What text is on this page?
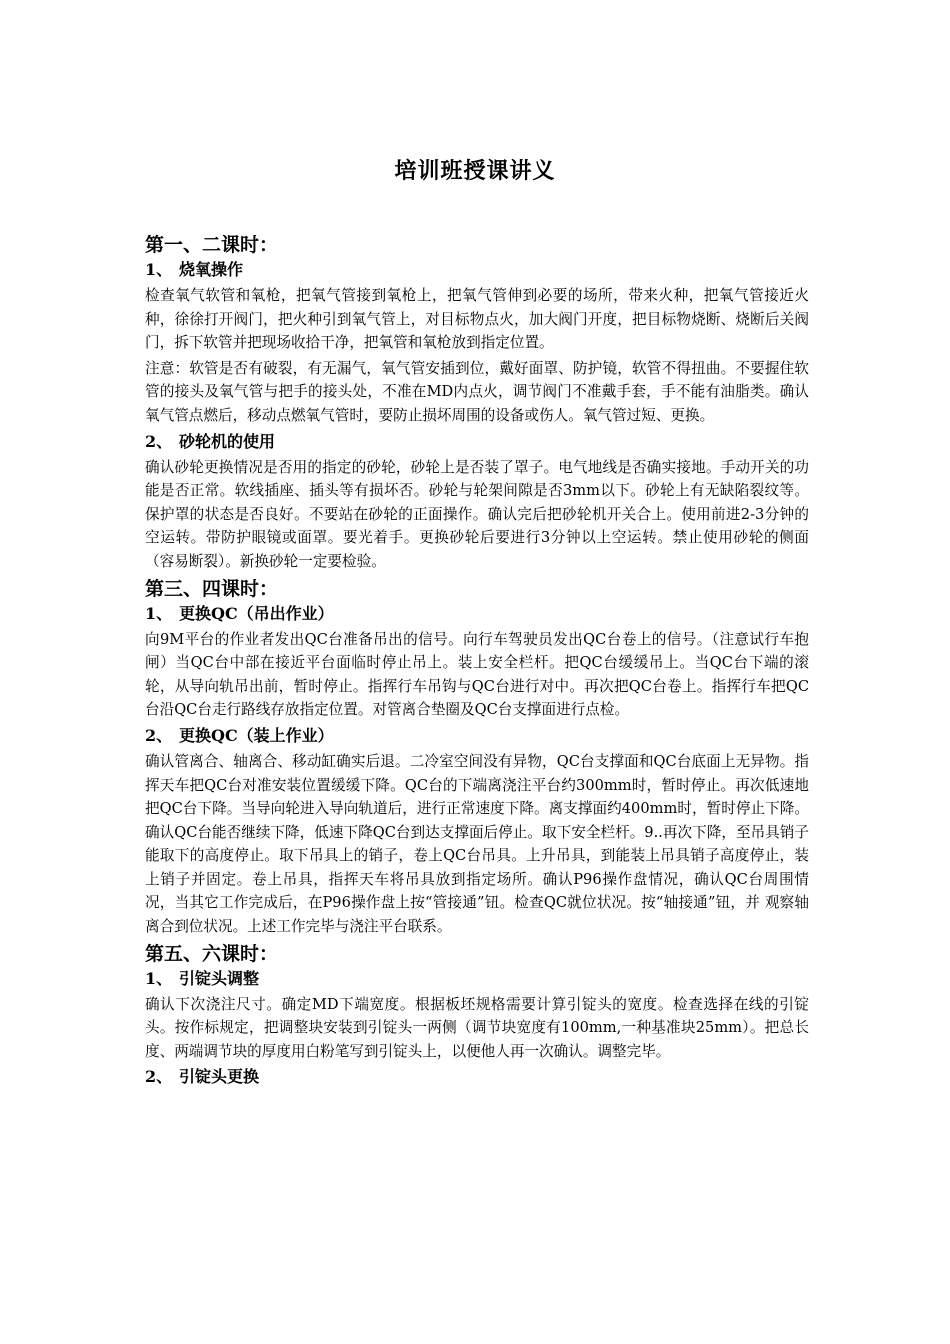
培训班授课讲义
第一、二课时：
1、 烧氧操作

检查氧气软管和氧枪，把氧气管接到氧枪上，把氧气管伸到必要的场所，带来火种，把氧气管接近火种，徐徐打开阀门，把火种引到氧气管上，对目标物点火，加大阀门开度，把目标物烧断、烧断后关阀门，拆下软管并把现场收拾干净，把氧管和氧枪放到指定位置。

注意：软管是否有破裂，有无漏气，氧气管安插到位，戴好面罩、防护镜，软管不得扭曲。不要握住软管的接头及氧气管与把手的接头处，不准在MD内点火，调节阀门不准戴手套，手不能有油脂类。确认氧气管点燃后，移动点燃氧气管时，要防止损坏周围的设备或伤人。氧气管过短、更换。

2、 砂轮机的使用

确认砂轮更换情况是否用的指定的砂轮，砂轮上是否装了罩子。电气地线是否确实接地。手动开关的功能是否正常。软线插座、插头等有损坏否。砂轮与轮架间隙是否3mm以下。砂轮上有无缺陷裂纹等。保护罩的状态是否良好。不要站在砂轮的正面操作。确认完后把砂轮机开关合上。使用前进2-3分钟的空运转。带防护眼镜或面罩。要光着手。更换砂轮后要进行3分钟以上空运转。禁止使用砂轮的侧面（容易断裂）。新换砂轮一定要检验。

第三、四课时：
1、 更换QC（吊出作业）

向9M平台的作业者发出QC台准备吊出的信号。向行车驾驶员发出QC台卷上的信号。（注意试行车抱闸）当QC台中部在接近平台面临时停止吊上。装上安全栏杆。把QC台缓缓吊上。当QC台下端的滚轮，从导向轨吊出前，暂时停止。指挥行车吊钩与QC台进行对中。再次把QC台卷上。指挥行车把QC台沿QC台走行路线存放指定位置。对管离合垫圈及QC台支撑面进行点检。

2、 更换QC（装上作业）

确认管离合、轴离合、移动缸确实后退。二冷室空间没有异物，QC台支撑面和QC台底面上无异物。指挥天车把QC台对准安装位置缓缓下降。QC台的下端离浇注平台约300mm时，暂时停止。再次低速地把QC台下降。当导向轮进入导向轨道后，进行正常速度下降。离支撑面约400mm时，暂时停止下降。确认QC台能否继续下降，低速下降QC台到达支撑面后停止。取下安全栏杆。9..再次下降，至吊具销子能取下的高度停止。取下吊具上的销子，卷上QC台吊具。上升吊具，到能装上吊具销子高度停止，装上销子并固定。卷上吊具，指挥天车将吊具放到指定场所。确认P96操作盘情况，确认QC台周围情况，当其它工作完成后，在P96操作盘上按“管接通”钮。检查QC就位状况。按“轴接通”钮，并 观察轴离合到位状况。上述工作完毕与浇注平台联系。

第五、六课时：
1、 引锭头调整

确认下次浇注尺寸。确定MD下端宽度。根据板坯规格需要计算引锭头的宽度。检查选择在线的引锭头。按作标规定，把调整块安装到引锭头一两侧（调节块宽度有100mm,一种基准块25mm）。把总长度、两端调节块的厚度用白粉笔写到引锭头上，以便他人再一次确认。调整完毕。

2、 引锭头更换
